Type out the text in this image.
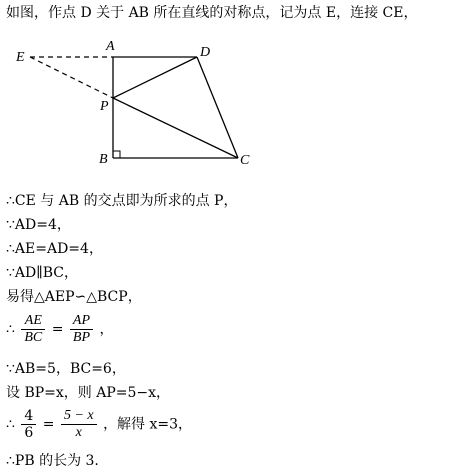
如图，作点 D 关于 AB 所在直线的对称点，记为点 E，连接 CE，
E
A	D
P
B	C
∴CE 与 AB 的交点即为所求的点 P，
∵AD=4，
∴AE=AD=4，
∵AD∥BC，
易得△AEP∽△BCP，
∴ $\frac{AE}{BC} = \frac{AP}{BP}$ ，
∵AB=5，BC=6，
设 BP=x，则 AP=5−x，
∴ $\frac{4}{6} = \frac{5 - x}{x}$ ，解得 x=3，
∴PB 的长为 3.
